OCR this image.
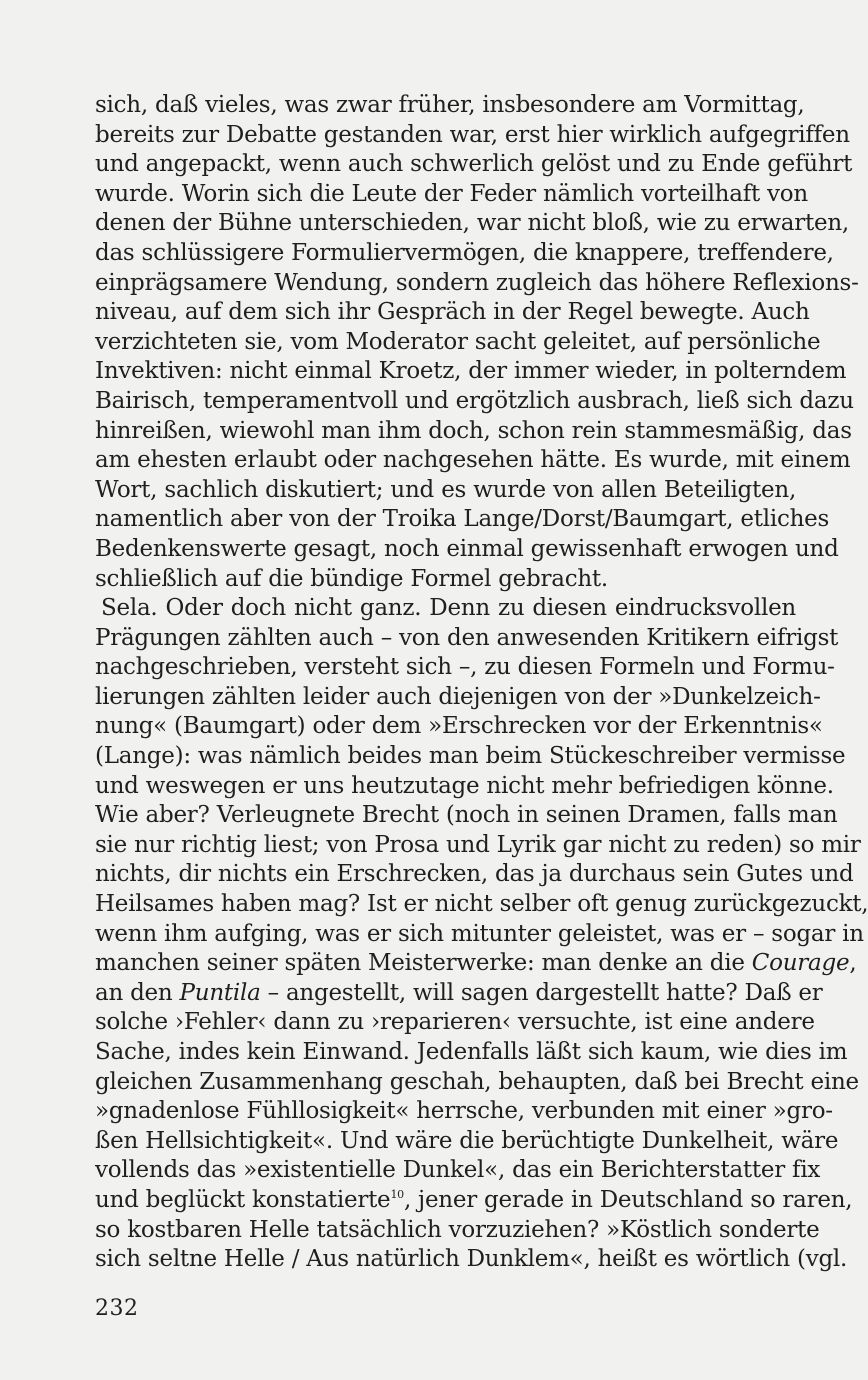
sich, daß vieles, was zwar früher, insbesondere am Vormittag,
bereits zur Debatte gestanden war, erst hier wirklich aufgegriffen
und angepackt, wenn auch schwerlich gelöst und zu Ende geführt
wurde. Worin sich die Leute der Feder nämlich vorteilhaft von
denen der Bühne unterschieden, war nicht bloß, wie zu erwarten,
das schlüssigere Formuliervermögen, die knappere, treffendere,
einprägsamere Wendung, sondern zugleich das höhere Reflexions-
niveau, auf dem sich ihr Gespräch in der Regel bewegte. Auch
verzichteten sie, vom Moderator sacht geleitet, auf persönliche
Invektiven: nicht einmal Kroetz, der immer wieder, in polterndem
Bairisch, temperamentvoll und ergötzlich ausbrach, ließ sich dazu
hinreißen, wiewohl man ihm doch, schon rein stammesmäßig, das
am ehesten erlaubt oder nachgesehen hätte. Es wurde, mit einem
Wort, sachlich diskutiert; und es wurde von allen Beteiligten,
namentlich aber von der Troika Lange/Dorst/Baumgart, etliches
Bedenkenswerte gesagt, noch einmal gewissenhaft erwogen und
schließlich auf die bündige Formel gebracht.
Sela. Oder doch nicht ganz. Denn zu diesen eindrucksvollen
Prägungen zählten auch – von den anwesenden Kritikern eifrigst
nachgeschrieben, versteht sich –, zu diesen Formeln und Formu-
lierungen zählten leider auch diejenigen von der »Dunkelzeich-
nung« (Baumgart) oder dem »Erschrecken vor der Erkenntnis«
(Lange): was nämlich beides man beim Stückeschreiber vermisse
und weswegen er uns heutzutage nicht mehr befriedigen könne.
Wie aber? Verleugnete Brecht (noch in seinen Dramen, falls man
sie nur richtig liest; von Prosa und Lyrik gar nicht zu reden) so mir
nichts, dir nichts ein Erschrecken, das ja durchaus sein Gutes und
Heilsames haben mag? Ist er nicht selber oft genug zurückgezuckt,
wenn ihm aufging, was er sich mitunter geleistet, was er – sogar in
manchen seiner späten Meisterwerke: man denke an die Courage,
an den Puntila – angestellt, will sagen dargestellt hatte? Daß er
solche ›Fehler‹ dann zu ›reparieren‹ versuchte, ist eine andere
Sache, indes kein Einwand. Jedenfalls läßt sich kaum, wie dies im
gleichen Zusammenhang geschah, behaupten, daß bei Brecht eine
»gnadenlose Fühllosigkeit« herrsche, verbunden mit einer »gro-
ßen Hellsichtigkeit«. Und wäre die berüchtigte Dunkelheit, wäre
vollends das »existentielle Dunkel«, das ein Berichterstatter fix
und beglückt konstatierte$^{10}$, jener gerade in Deutschland so raren,
so kostbaren Helle tatsächlich vorzuziehen? »Köstlich sonderte
sich seltne Helle / Aus natürlich Dunklem«, heißt es wörtlich (vgl.
232
